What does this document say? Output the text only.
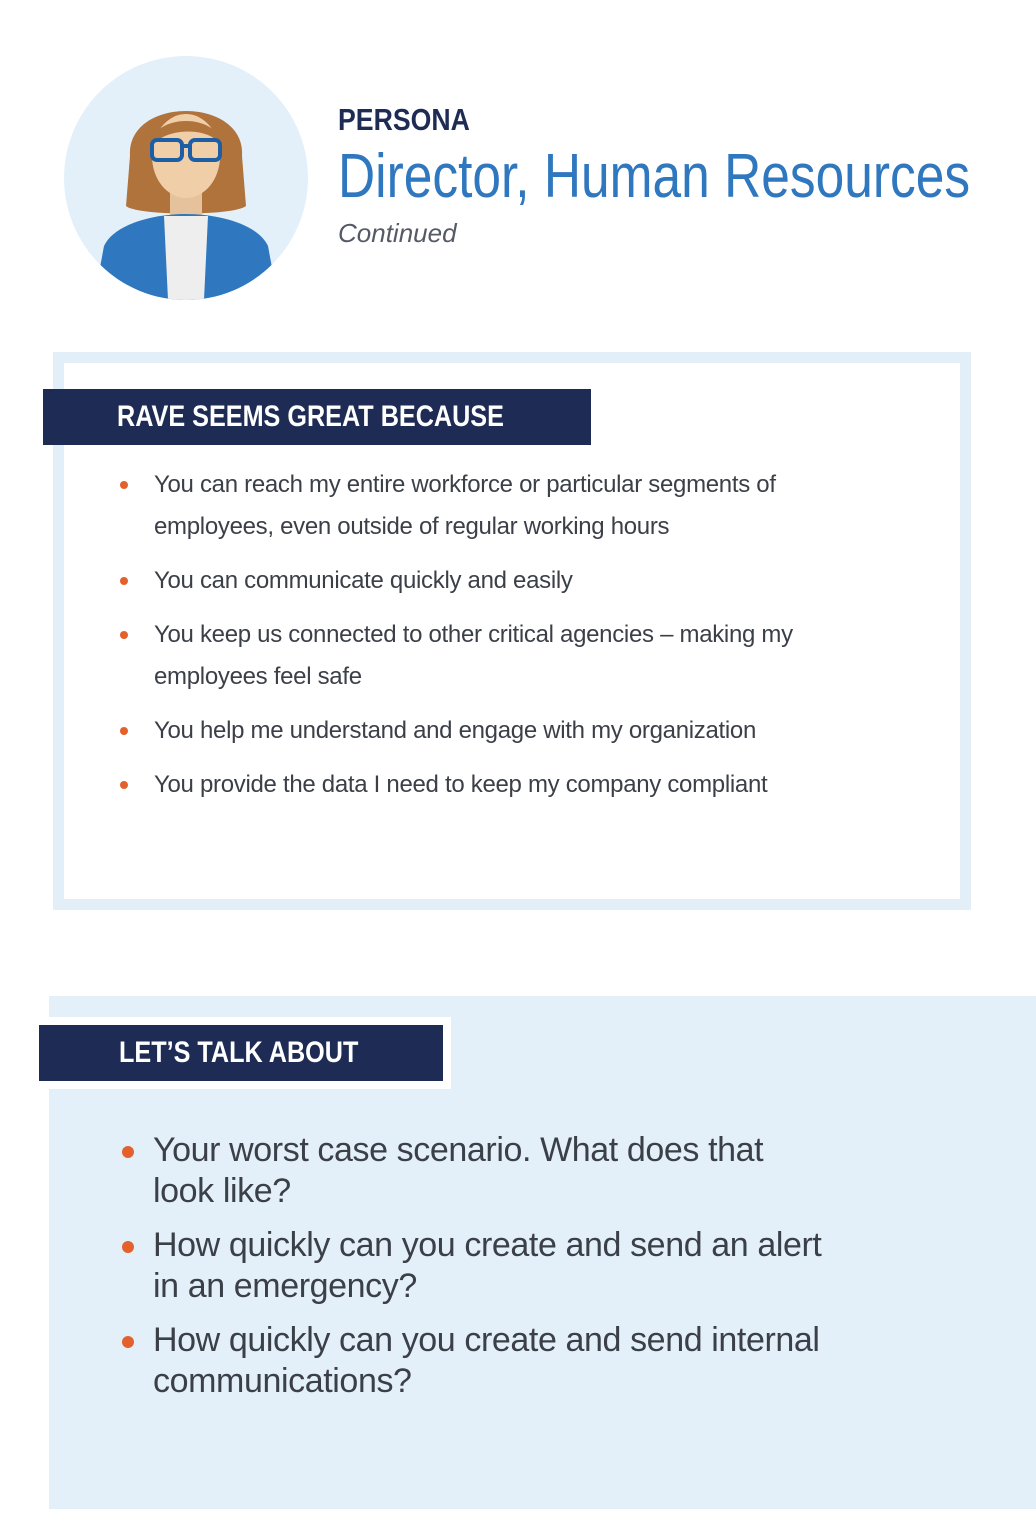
PERSONA
Director, Human Resources
Continued
RAVE SEEMS GREAT BECAUSE
You can reach my entire workforce or particular segments of employees, even outside of regular working hours
You can communicate quickly and easily
You keep us connected to other critical agencies – making my employees feel safe
You help me understand and engage with my organization
You provide the data I need to keep my company compliant
LET’S TALK ABOUT
Your worst case scenario. What does that look like?
How quickly can you create and send an alert in an emergency?
How quickly can you create and send internal communications?
